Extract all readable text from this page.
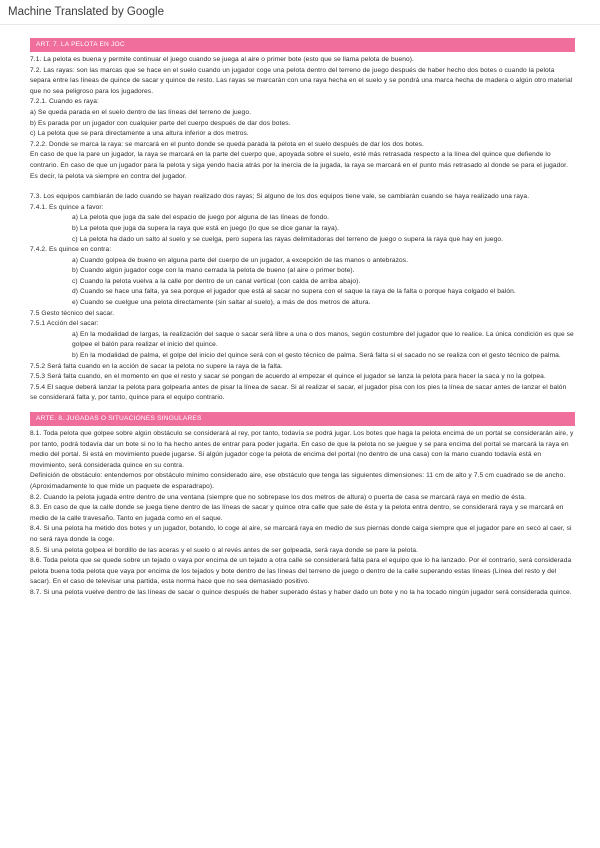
Machine Translated by Google
ART. 7. LA PELOTA EN JOC

7.1. La pelota es buena y permite continuar el juego cuando se juega al aire o primer bote (esto que se llama pelota de bueno).

7.2. Las rayas: son las marcas que se hace en el suelo cuando un jugador coge una pelota dentro del terreno de juego después de haber hecho dos botes o cuando la pelota separa entre las líneas de quince de sacar y quince de resto. Las rayas se marcarán con una raya hecha en el suelo y se pondrá una marca hecha de madera o algún otro material que no sea peligroso para los jugadores.

7.2.1. Cuando es raya:

a) Se queda parada en el suelo dentro de las líneas del terreno de juego.

b) Es parada por un jugador con cualquier parte del cuerpo después de dar dos botes.

c) La pelota que se para directamente a una altura inferior a dos metros.

7.2.2. Donde se marca la raya: se marcará en el punto donde se queda parada la pelota en el suelo después de dar los dos botes.

En caso de que la pare un jugador, la raya se marcará en la parte del cuerpo que, apoyada sobre el suelo, esté más retrasada respecto a la línea del quince que defiende lo contrario. En caso de que un jugador para la pelota y siga yendo hacia atrás por la inercia de la jugada, la raya se marcará en el punto más retrasado al donde se para el jugador. Es decir, la pelota va siempre en contra del jugador.

7.3. Los equipos cambiarán de lado cuando se hayan realizado dos rayas; Si alguno de los dos equipos tiene vale, se cambiarán cuando se haya realizado una raya.

7.4.1. Es quince a favor:

a) La pelota que juga da sale del espacio de juego por alguna de las líneas de fondo.

b) La pelota que juga da supera la raya que está en juego (lo que se dice ganar la raya).

c) La pelota ha dado un salto al suelo y se cuelga, pero supera las rayas delimitadoras del terreno de juego o supera la raya que hay en juego.

7.4.2. Es quince en contra:

a) Cuando golpea de bueno en alguna parte del cuerpo de un jugador, a excepción de las manos o antebrazos.

b) Cuando algún jugador coge con la mano cerrada la pelota de bueno (al aire o primer bote).

c) Cuando la pelota vuelva a la calle por dentro de un canal vertical (con calda de arriba abajo).

d) Cuando se hace una falta, ya sea porque el jugador que está al sacar no supera con el saque la raya de la falta o porque haya colgado el balón.

e) Cuando se cuelgue una pelota directamente (sin saltar al suelo), a más de dos metros de altura.

7.5 Gesto técnico del sacar.

7.5.1 Acción del sacar:

a) En la modalidad de largas, la realización del saque o sacar será libre a una o dos manos, según costumbre del jugador que lo realice. La única condición es que se golpee el balón para realizar el inicio del quince.

b) En la modalidad de palma, el golpe del inicio del quince será con el gesto técnico de palma. Será falta si el sacado no se realiza con el gesto técnico de palma.

7.5.2 Será falta cuando en la acción de sacar la pelota no supere la raya de la falta.

7.5.3 Será falta cuando, en el momento en que el resto y sacar se pongan de acuerdo al empezar el quince el jugador se lanza la pelota para hacer la saca y no la golpea.

7.5.4 El saque deberá lanzar la pelota para golpearla antes de pisar la línea de sacar. Si al realizar el sacar, el jugador pisa con los pies la línea de sacar antes de lanzar el balón se considerará falta y, por tanto, quince para el equipo contrario.

ARTE. 8. JUGADAS O SITUACIONES SINGULARES

8.1. Toda pelota que golpee sobre algún obstáculo se considerará al rey, por tanto, todavía se podrá jugar. Los botes que haga la pelota encima de un portal se considerarán aire, y por tanto, podrá todavía dar un bote si no lo ha hecho antes de entrar para poder jugarla. En caso de que la pelota no se juegue y se para encima del portal se marcará la raya en medio del portal. Si está en movimiento puede jugarse. Si algún jugador coge la pelota de encima del portal (no dentro de una casa) con la mano cuando todavía está en movimiento, será considerada quince en su contra.

Definición de obstáculo: entendemos por obstáculo mínimo considerado aire, ese obstáculo que tenga las siguientes dimensiones: 11 cm de alto y 7.5 cm cuadrado se de ancho. (Aproximadamente lo que mide un paquete de esparadrapo).

8.2. Cuando la pelota jugada entre dentro de una ventana (siempre que no sobrepase los dos metros de altura) o puerta de casa se marcará raya en medio de ésta.

8.3. En caso de que la calle donde se juega tiene dentro de las líneas de sacar y quince otra calle que sale de ésta y la pelota entra dentro, se considerará raya y se marcará en medio de la calle travesaño. Tanto en jugada como en el saque.

8.4. Si una pelota ha metido dos botes y un jugador, botando, lo coge al aire, se marcará raya en medio de sus piernas donde caiga siempre que el jugador pare en seco al caer, si no será raya donde la coge.

8.5. Si una pelota golpea el bordillo de las aceras y el suelo o al revés antes de ser golpeada, será raya donde se pare la pelota.

8.6. Toda pelota que se quede sobre un tejado o vaya por encima de un tejado a otra calle se considerará falta para el equipo que lo ha lanzado. Por el contrario, será considerada pelota buena toda pelota que vaya por encima de los tejados y bote dentro de las líneas del terreno de juego o dentro de la calle superando estas líneas (Línea del resto y del sacar). En el caso de televisar una partida, esta norma hace que no sea demasiado positivo.

8.7. Si una pelota vuelve dentro de las líneas de sacar o quince después de haber superado éstas y haber dado un bote y no la ha tocado ningún jugador será considerada quince.
